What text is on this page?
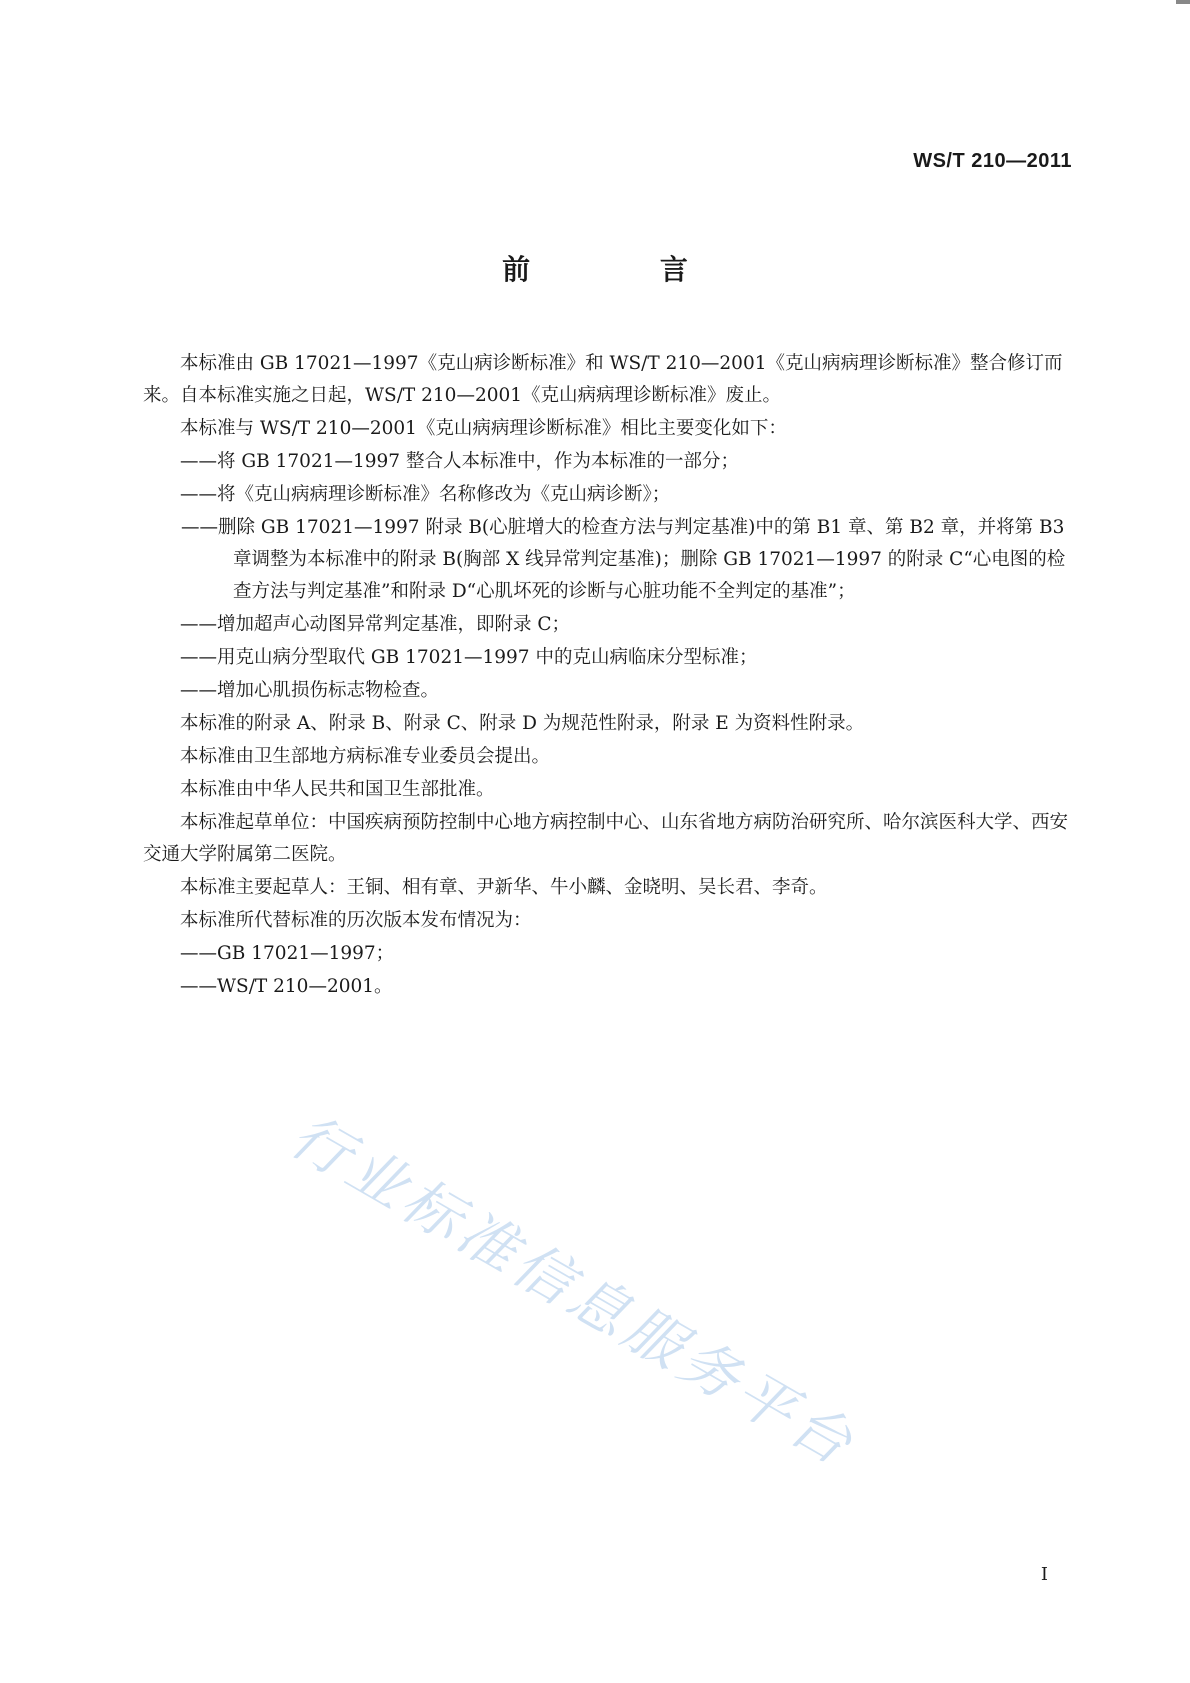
WS/T 210—2011
前 言

本标准由 GB 17021—1997《克山病诊断标准》和 WS/T 210—2001《克山病病理诊断标准》整合修订而来。自本标准实施之日起，WS/T 210—2001《克山病病理诊断标准》废止。

本标准与 WS/T 210—2001《克山病病理诊断标准》相比主要变化如下：

——将 GB 17021—1997 整合人本标准中，作为本标准的一部分；

——将《克山病病理诊断标准》名称修改为《克山病诊断》；

——删除 GB 17021—1997 附录 B(心脏增大的检查方法与判定基准)中的第 B1 章、第 B2 章，并将第 B3 章调整为本标准中的附录 B(胸部 X 线异常判定基准)；删除 GB 17021—1997 的附录 C“心电图的检查方法与判定基准”和附录 D“心肌坏死的诊断与心脏功能不全判定的基准”；

——增加超声心动图异常判定基准，即附录 C；

——用克山病分型取代 GB 17021—1997 中的克山病临床分型标准；

——增加心肌损伤标志物检查。

本标准的附录 A、附录 B、附录 C、附录 D 为规范性附录，附录 E 为资料性附录。

本标准由卫生部地方病标准专业委员会提出。

本标准由中华人民共和国卫生部批准。

本标准起草单位：中国疾病预防控制中心地方病控制中心、山东省地方病防治研究所、哈尔滨医科大学、西安交通大学附属第二医院。

本标准主要起草人：王铜、相有章、尹新华、牛小麟、金晓明、吴长君、李奇。

本标准所代替标准的历次版本发布情况为：

——GB 17021—1997；

——WS/T 210—2001。

行业标准信息服务平台
I
